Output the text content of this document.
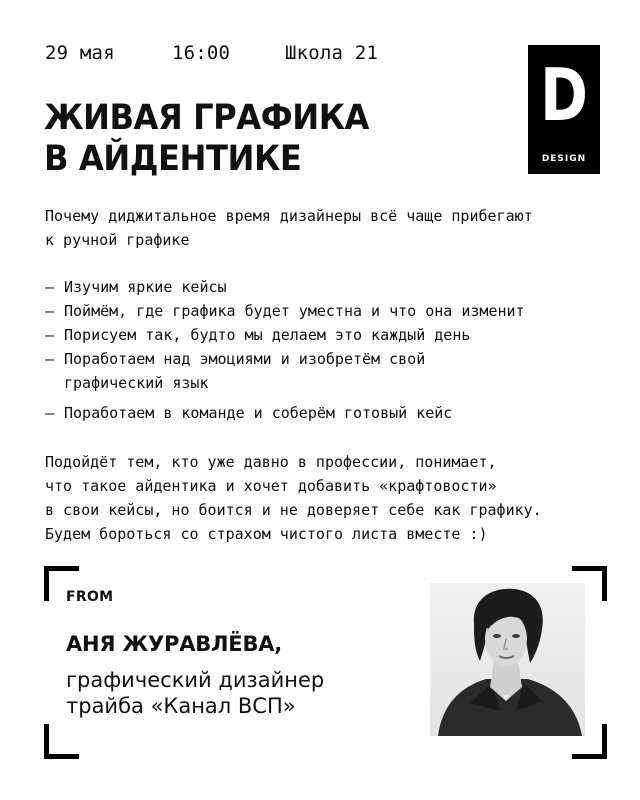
29 мая	16:00	Школа 21
ЖИВАЯ ГРАФИКА
В АЙДЕНТИКЕ
D
DESIGN
Почему диджитальное время дизайнеры всё чаще прибегают
к ручной графике
– Изучим яркие кейсы
– Поймём, где графика будет уместна и что она изменит
– Порисуем так, будто мы делаем это каждый день
– Поработаем над эмоциями и изобретём свой
графический язык
– Поработаем в команде и соберём готовый кейс
Подойдёт тем, кто уже давно в профессии, понимает,
что такое айдентика и хочет добавить «крафтовости»
в свои кейсы, но боится и не доверяет себе как графику.
Будем бороться со страхом чистого листа вместе :)
FROM
АНЯ ЖУРАВЛЁВА,
графический дизайнер
трайба «Канал ВСП»
